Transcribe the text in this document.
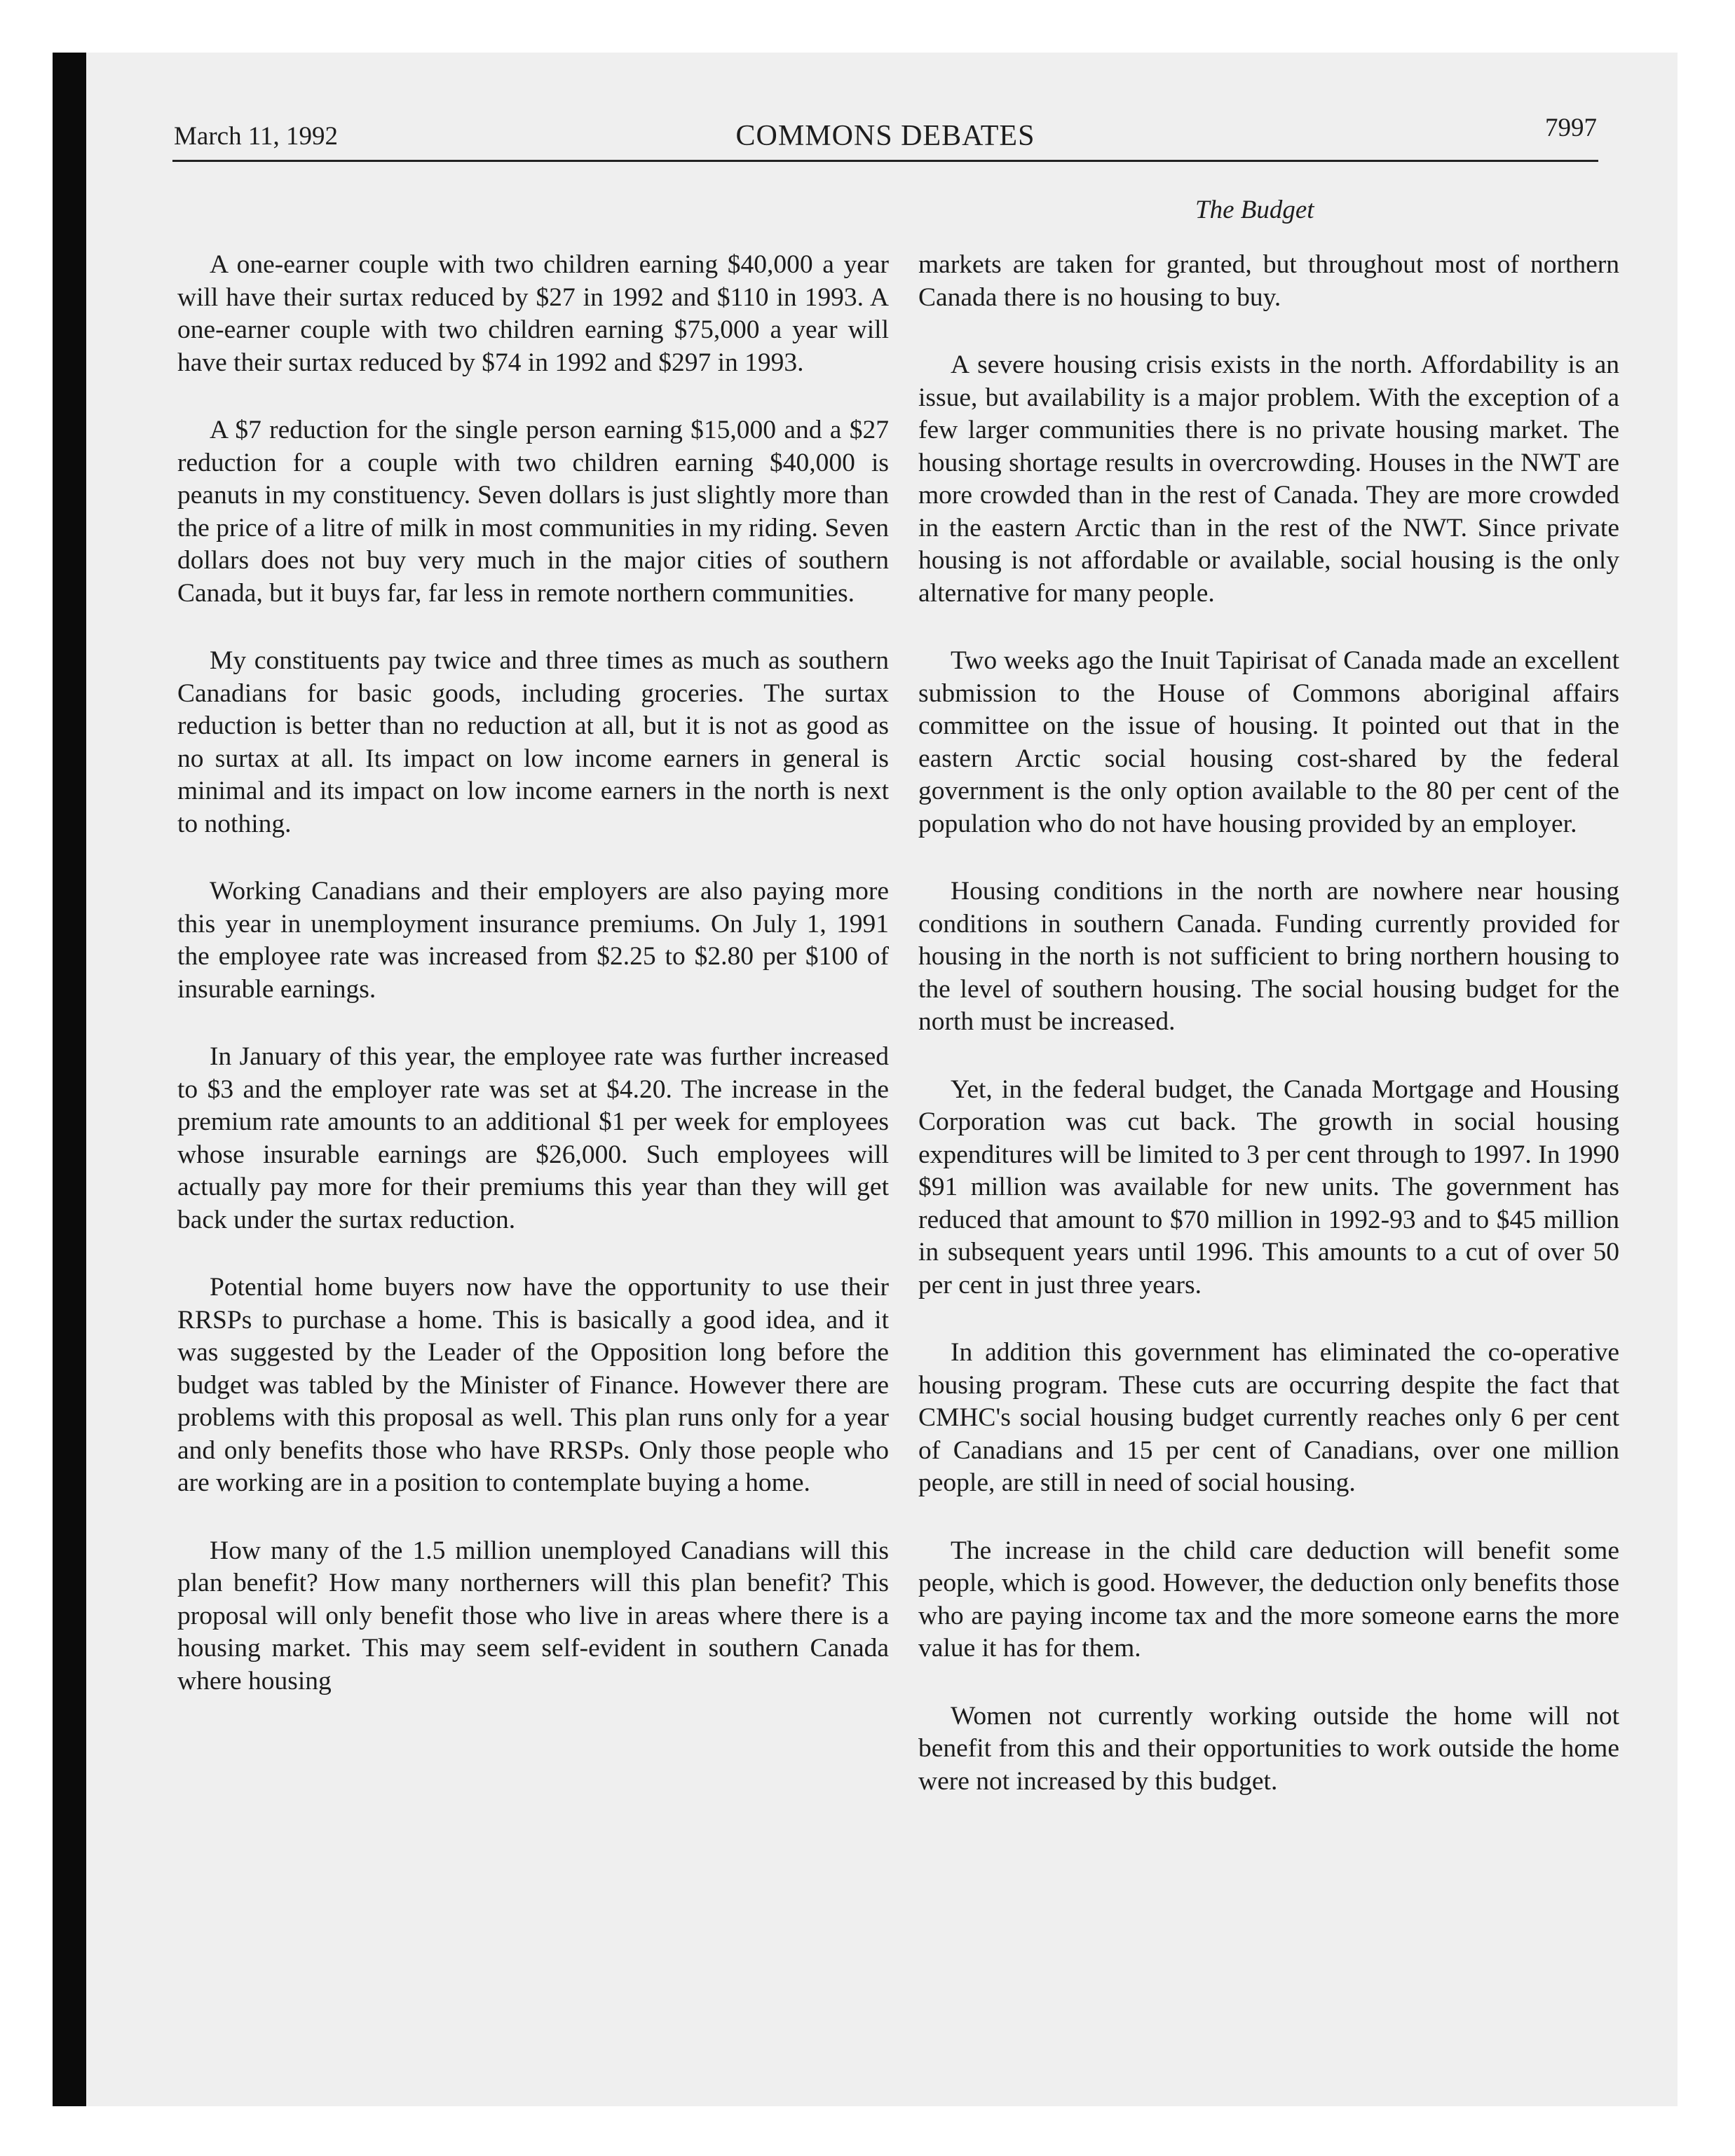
March 11, 1992	COMMONS DEBATES	7997
The Budget

A one-earner couple with two children earning $40,000 a year will have their surtax reduced by $27 in 1992 and $110 in 1993. A one-earner couple with two children earning $75,000 a year will have their surtax reduced by $74 in 1992 and $297 in 1993.

A $7 reduction for the single person earning $15,000 and a $27 reduction for a couple with two children earning $40,000 is peanuts in my constituency. Seven dollars is just slightly more than the price of a litre of milk in most communities in my riding. Seven dollars does not buy very much in the major cities of southern Canada, but it buys far, far less in remote northern communities.

My constituents pay twice and three times as much as southern Canadians for basic goods, including groceries. The surtax reduction is better than no reduction at all, but it is not as good as no surtax at all. Its impact on low income earners in general is minimal and its impact on low income earners in the north is next to nothing.

Working Canadians and their employers are also paying more this year in unemployment insurance premiums. On July 1, 1991 the employee rate was increased from $2.25 to $2.80 per $100 of insurable earnings.

In January of this year, the employee rate was further increased to $3 and the employer rate was set at $4.20. The increase in the premium rate amounts to an additional $1 per week for employees whose insurable earnings are $26,000. Such employees will actually pay more for their premiums this year than they will get back under the surtax reduction.

Potential home buyers now have the opportunity to use their RRSPs to purchase a home. This is basically a good idea, and it was suggested by the Leader of the Opposition long before the budget was tabled by the Minister of Finance. However there are problems with this proposal as well. This plan runs only for a year and only benefits those who have RRSPs. Only those people who are working are in a position to contemplate buying a home.

How many of the 1.5 million unemployed Canadians will this plan benefit? How many northerners will this plan benefit? This proposal will only benefit those who live in areas where there is a housing market. This may seem self-evident in southern Canada where housing

markets are taken for granted, but throughout most of northern Canada there is no housing to buy.

A severe housing crisis exists in the north. Affordability is an issue, but availability is a major problem. With the exception of a few larger communities there is no private housing market. The housing shortage results in overcrowding. Houses in the NWT are more crowded than in the rest of Canada. They are more crowded in the eastern Arctic than in the rest of the NWT. Since private housing is not affordable or available, social housing is the only alternative for many people.

Two weeks ago the Inuit Tapirisat of Canada made an excellent submission to the House of Commons aboriginal affairs committee on the issue of housing. It pointed out that in the eastern Arctic social housing cost-shared by the federal government is the only option available to the 80 per cent of the population who do not have housing provided by an employer.

Housing conditions in the north are nowhere near housing conditions in southern Canada. Funding currently provided for housing in the north is not sufficient to bring northern housing to the level of southern housing. The social housing budget for the north must be increased.

Yet, in the federal budget, the Canada Mortgage and Housing Corporation was cut back. The growth in social housing expenditures will be limited to 3 per cent through to 1997. In 1990 $91 million was available for new units. The government has reduced that amount to $70 million in 1992-93 and to $45 million in subsequent years until 1996. This amounts to a cut of over 50 per cent in just three years.

In addition this government has eliminated the co-operative housing program. These cuts are occurring despite the fact that CMHC's social housing budget currently reaches only 6 per cent of Canadians and 15 per cent of Canadians, over one million people, are still in need of social housing.

The increase in the child care deduction will benefit some people, which is good. However, the deduction only benefits those who are paying income tax and the more someone earns the more value it has for them.

Women not currently working outside the home will not benefit from this and their opportunities to work outside the home were not increased by this budget.
